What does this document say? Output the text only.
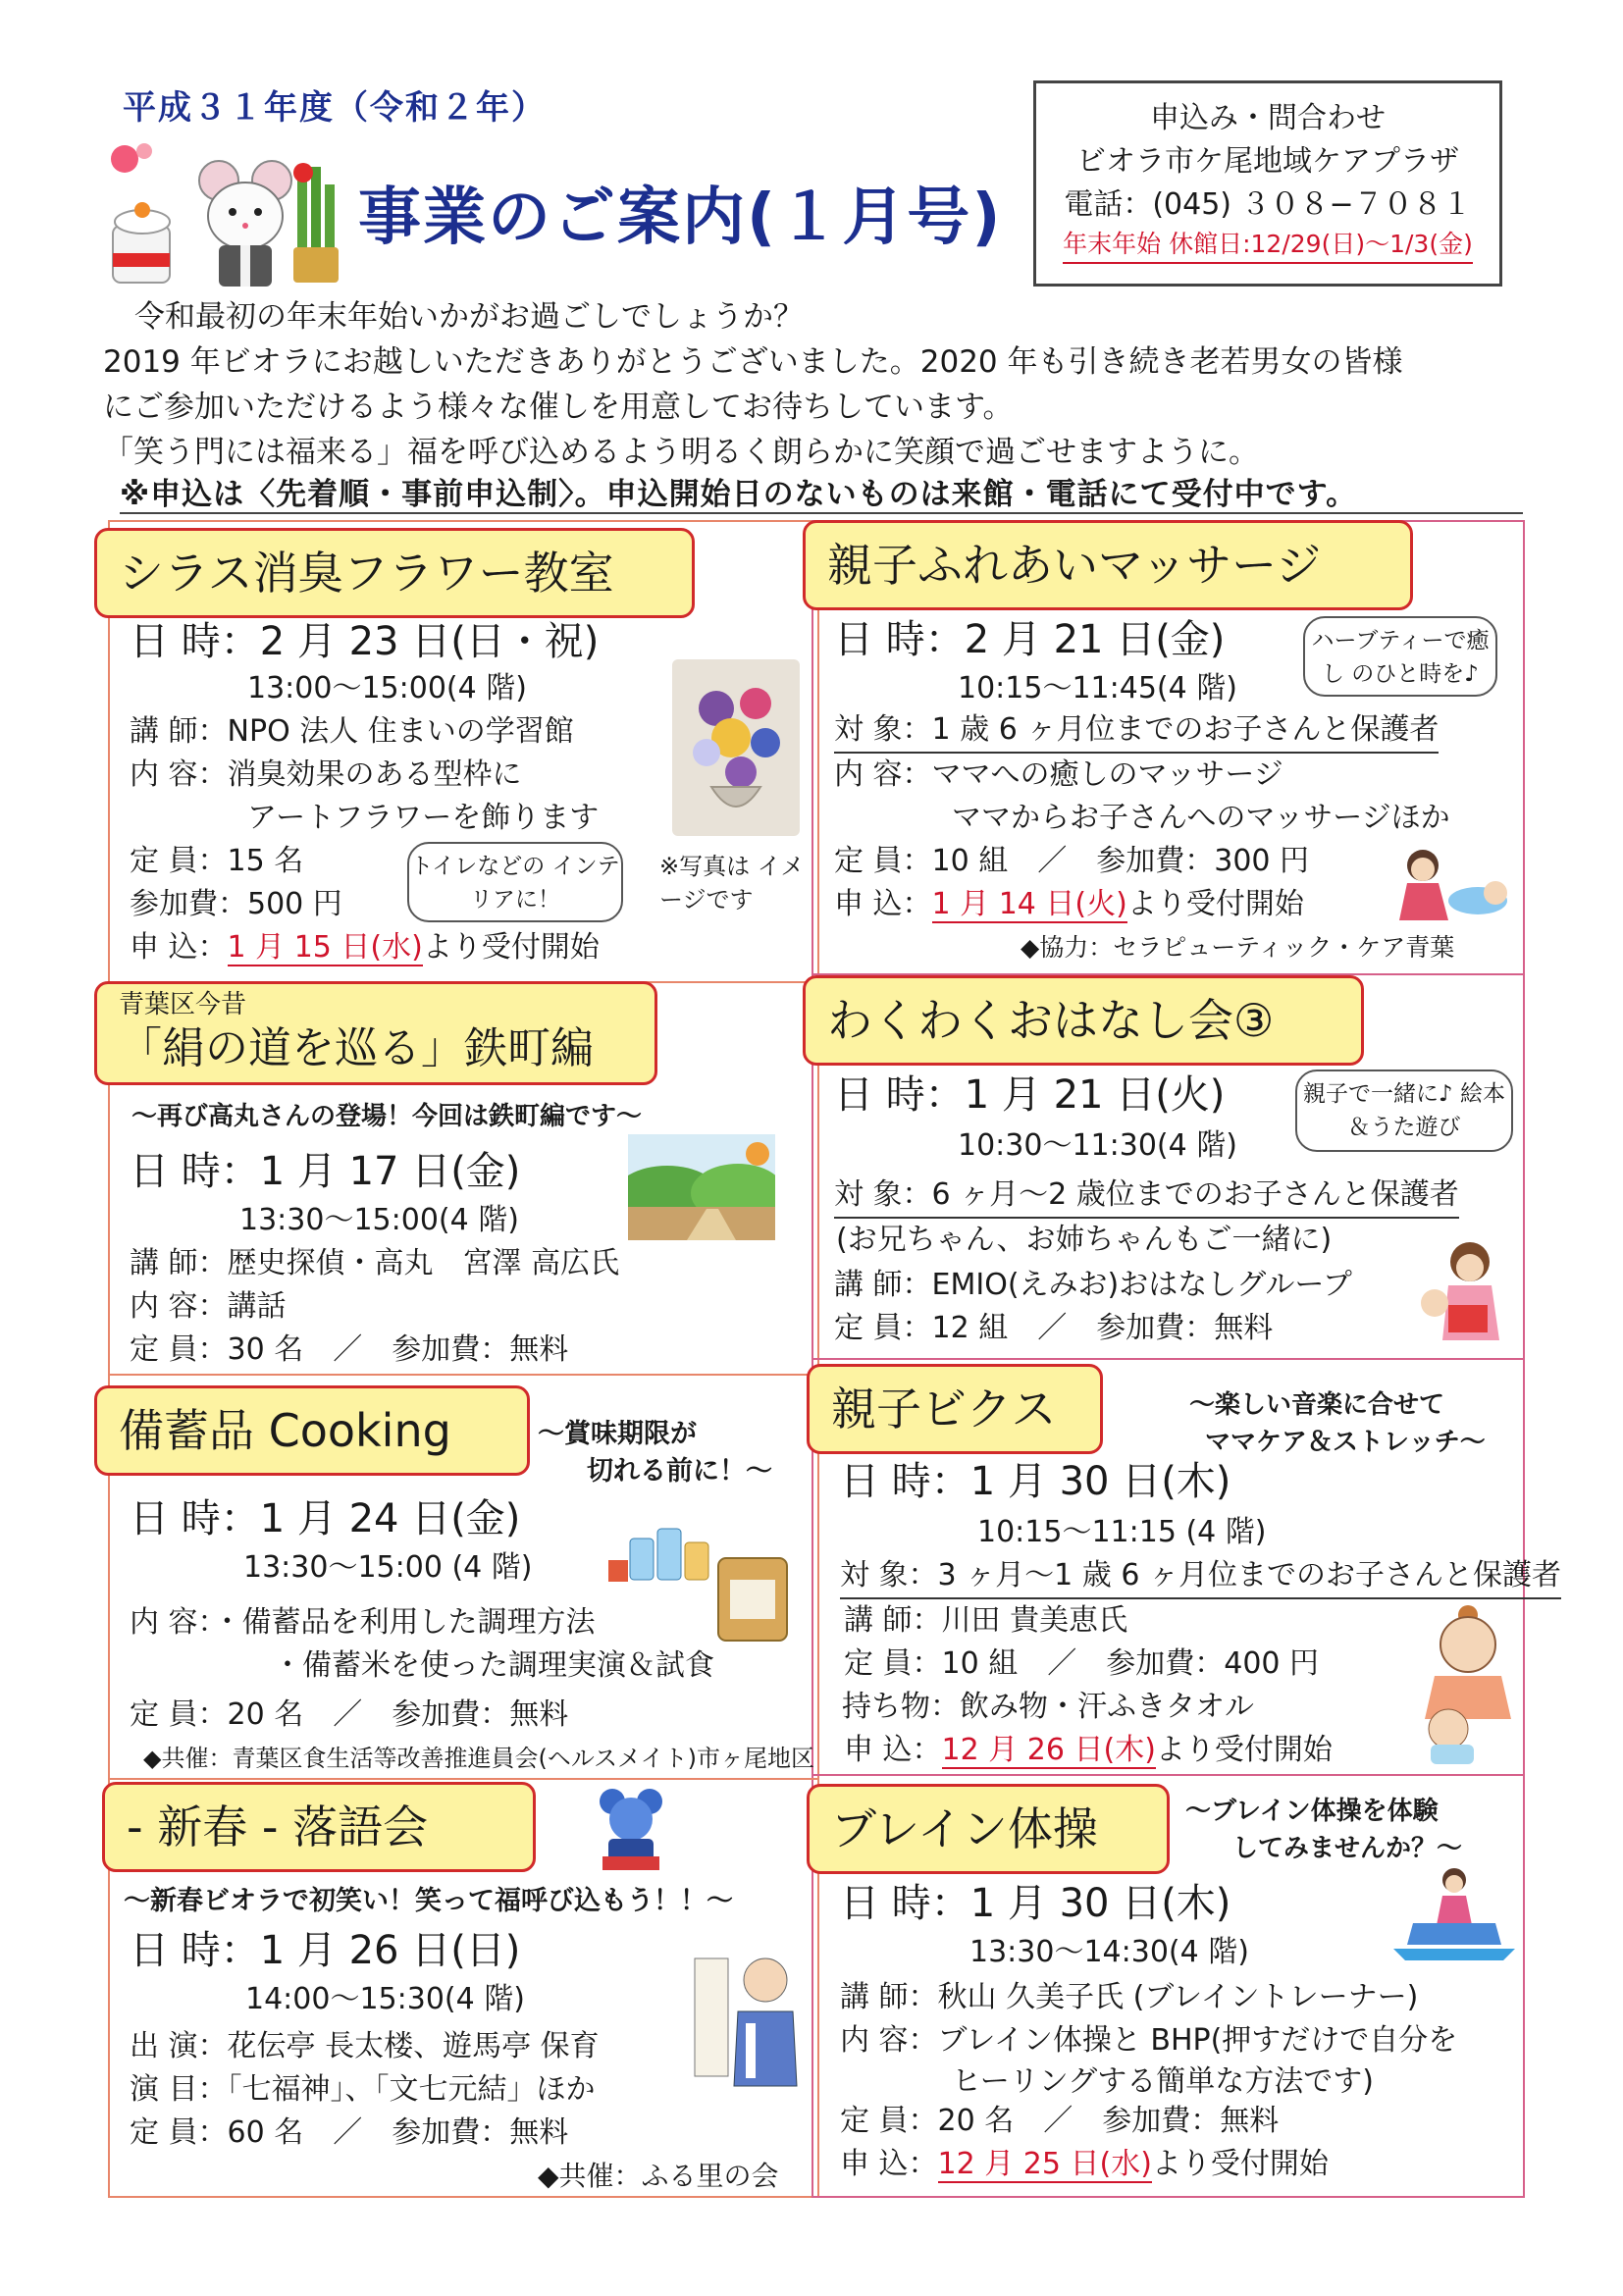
平成３１年度（令和２年）
事業のご案内(１月号)
申込み・問合わせ
ビオラ市ケ尾地域ケアプラザ
電話：(045) ３０８−７０８１
年末年始 休館日:12/29(日)〜1/3(金)
令和最初の年末年始いかがお過ごしでしょうか？
2019 年ビオラにお越しいただきありがとうございました。2020 年も引き続き老若男女の皆様
にご参加いただけるよう様々な催しを用意してお待ちしています。
「笑う門には福来る」福を呼び込めるよう明るく朗らかに笑顔で過ごせますように。
※申込は〈先着順・事前申込制〉。申込開始日のないものは来館・電話にて受付中です。
シラス消臭フラワー教室
日 時：2 月 23 日(日・祝)
13:00〜15:00(4 階)
講 師：NPO 法人 住まいの学習館
内 容：消臭効果のある型枠に
アートフラワーを飾ります
定 員：15 名
参加費：500 円
申 込：1 月 15 日(水)より受付開始
トイレなどの インテリアに！
※写真は イメージです
青葉区今昔
「絹の道を巡る」鉄町編
〜再び高丸さんの登場！今回は鉄町編です〜
日 時：1 月 17 日(金)
13:30〜15:00(4 階)
講 師：歴史探偵・高丸　宮澤 高広氏
内 容：講話
定 員：30 名　／　参加費：無料
備蓄品 Cooking	〜賞味期限が
切れる前に！〜
日 時：1 月 24 日(金)
13:30〜15:00 (4 階)
内 容：・備蓄品を利用した調理方法
・備蓄米を使った調理実演＆試食
定 員：20 名　／　参加費：無料
◆共催：青葉区食生活等改善推進員会(ヘルスメイト)市ヶ尾地区
- 新春 - 落語会
〜新春ビオラで初笑い！笑って福呼び込もう！！〜
日 時：1 月 26 日(日)
14:00〜15:30(4 階)
出 演：花伝亭 長太楼、遊馬亭 保育
演 目：「七福神」、「文七元結」ほか
定 員：60 名　／　参加費：無料
◆共催：ふる里の会
親子ふれあいマッサージ
ハーブティーで癒し のひと時を♪
日 時：2 月 21 日(金)
10:15〜11:45(4 階)
対 象：1 歳 6 ヶ月位までのお子さんと保護者
内 容：ママへの癒しのマッサージ
ママからお子さんへのマッサージほか
定 員：10 組　／　参加費：300 円
申 込：1 月 14 日(火)より受付開始
◆協力：セラピューティック・ケア青葉
わくわくおはなし会③
親子で一緒に♪ 絵本＆うた遊び
日 時：1 月 21 日(火)
10:30〜11:30(4 階)
対 象：6 ヶ月〜2 歳位までのお子さんと保護者
(お兄ちゃん、お姉ちゃんもご一緒に)
講 師：EMIO(えみお)おはなしグループ
定 員：12 組　／　参加費：無料
親子ビクス	〜楽しい音楽に合せて
ママケア＆ストレッチ〜
日 時：1 月 30 日(木)
10:15〜11:15 (4 階)
対 象：3 ヶ月〜1 歳 6 ヶ月位までのお子さんと保護者
講 師：川田 貴美恵氏
定 員：10 組　／　参加費：400 円
持ち物：飲み物・汗ふきタオル
申 込：12 月 26 日(木)より受付開始
ブレイン体操	〜ブレイン体操を体験
してみませんか？〜
日 時：1 月 30 日(木)
13:30〜14:30(4 階)
講 師：秋山 久美子氏 (ブレイントレーナー)
内 容：ブレイン体操と BHP(押すだけで自分を
ヒーリングする簡単な方法です)
定 員：20 名　／　参加費：無料
申 込：12 月 25 日(水)より受付開始
